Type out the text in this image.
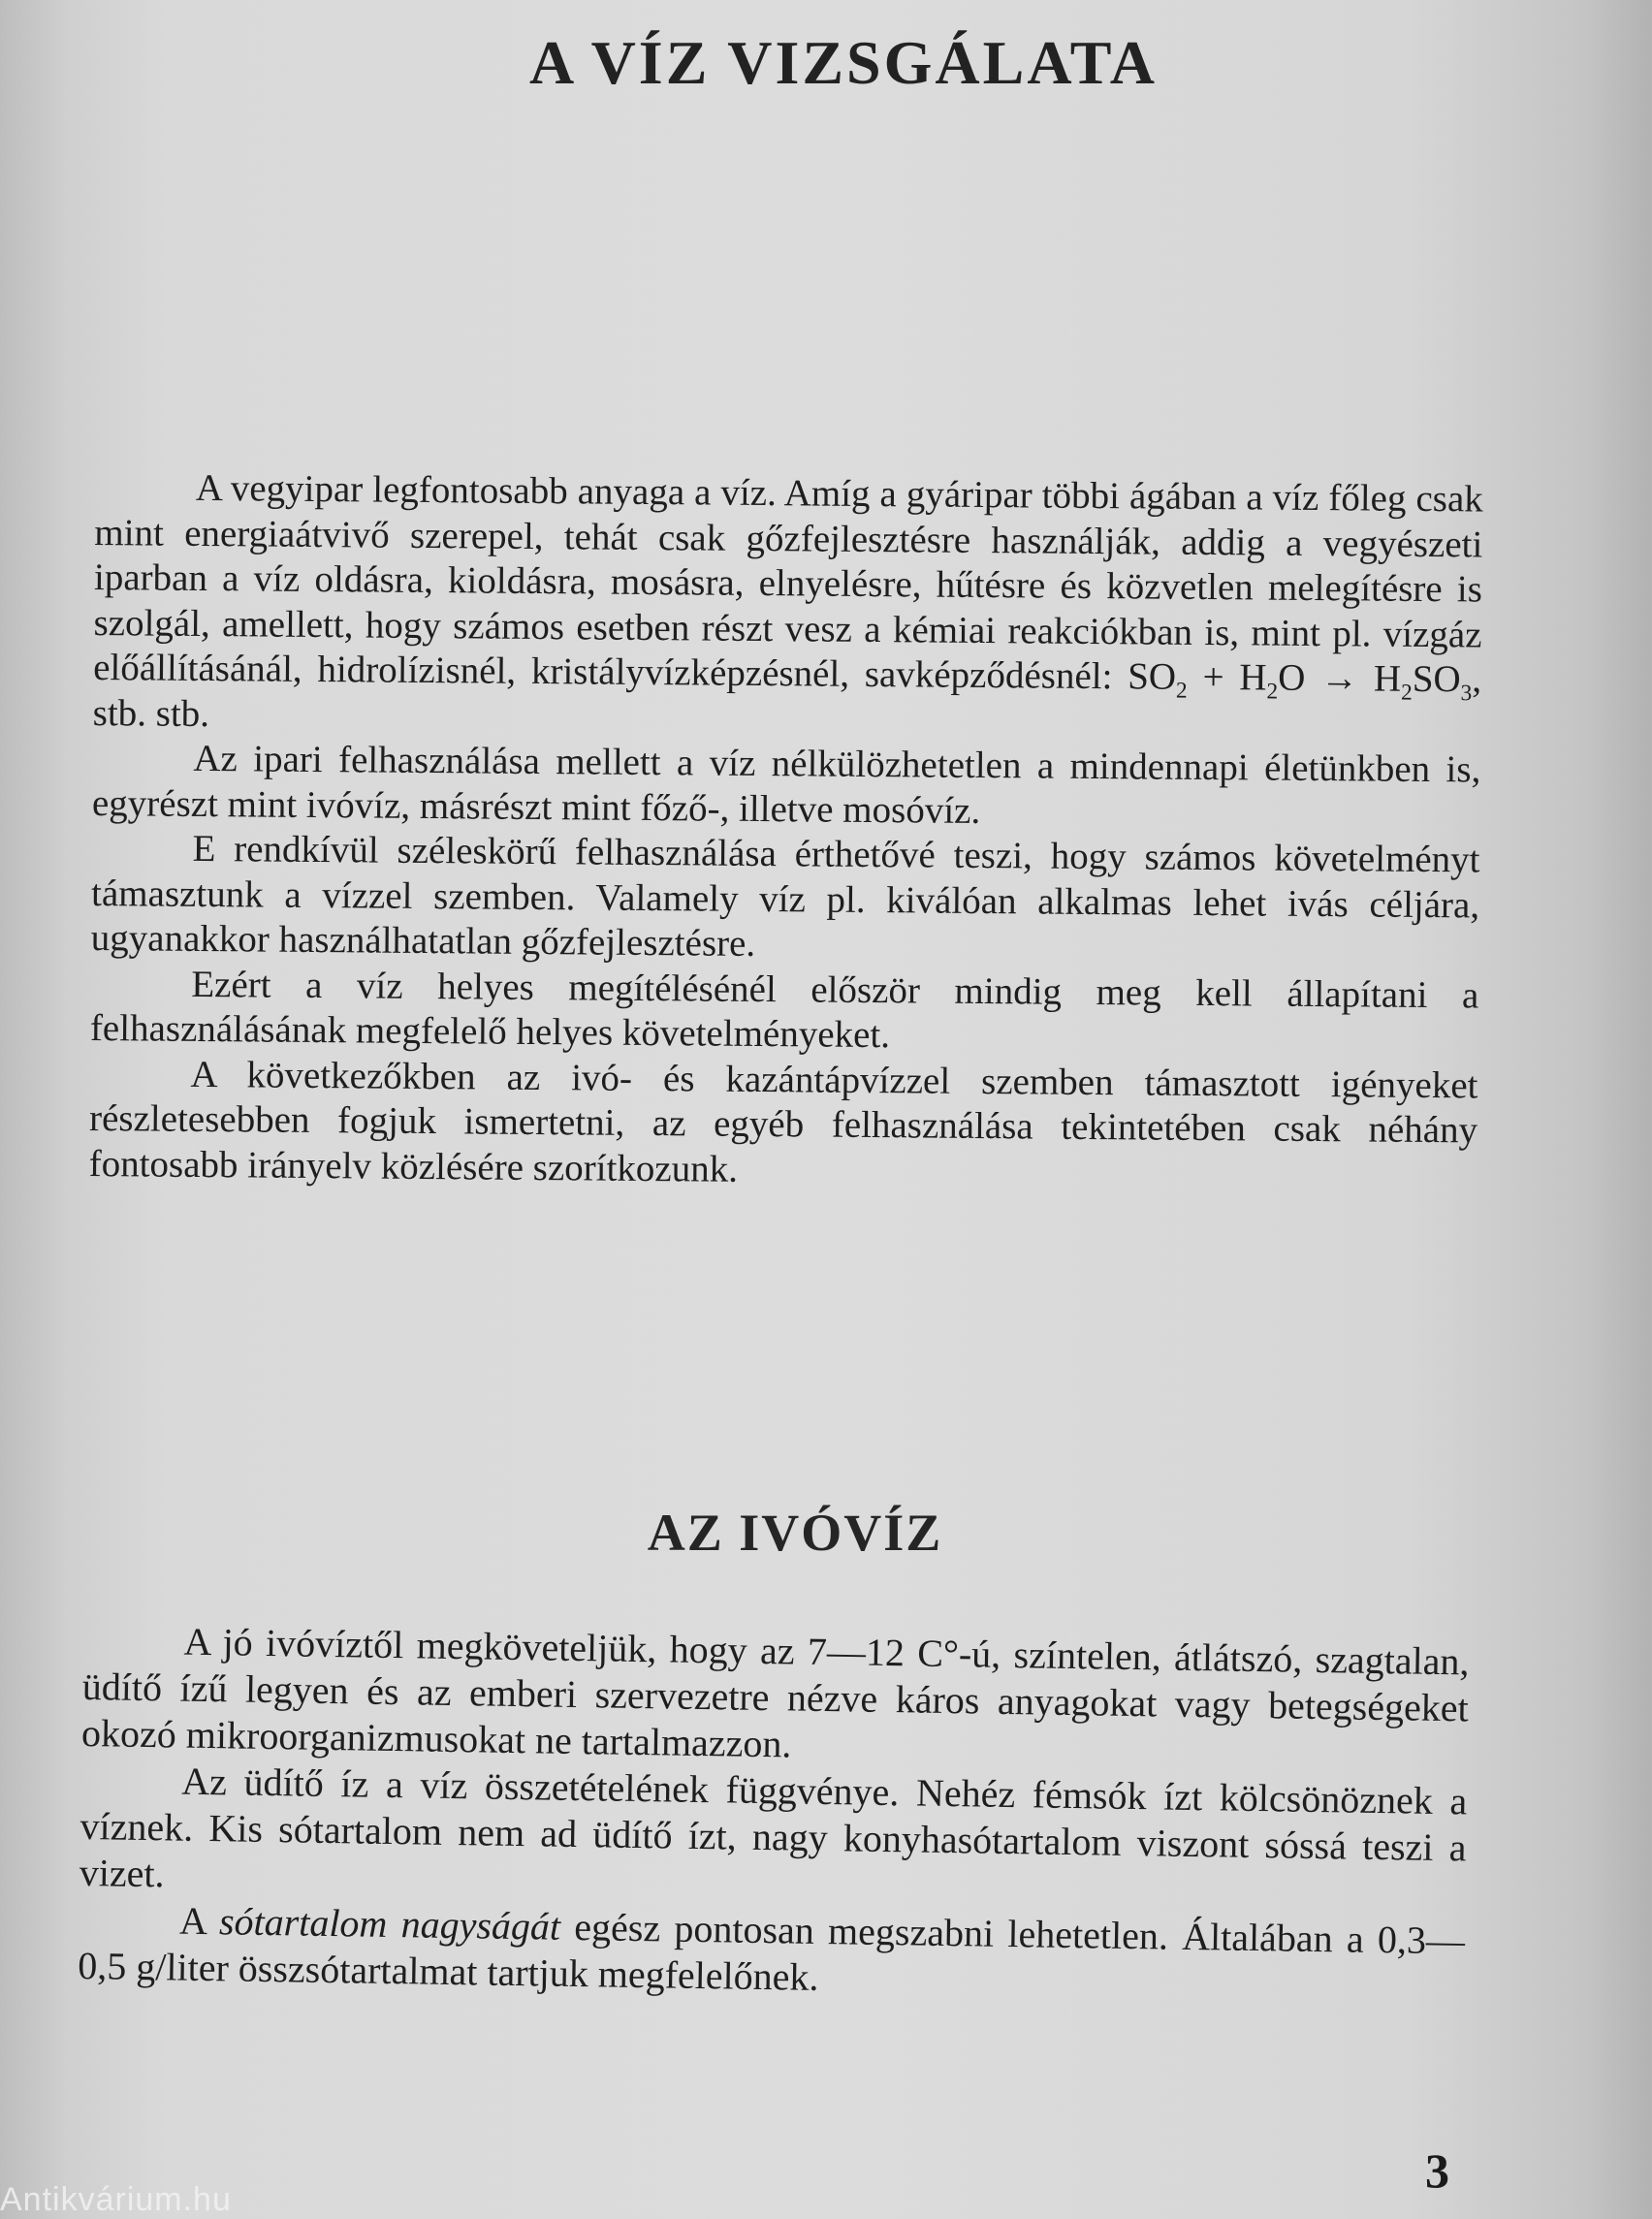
A VÍZ VIZSGÁLATA

A vegyipar legfontosabb anyaga a víz. Amíg a gyáripar többi ágában a víz főleg csak mint energiaátvivő szerepel, tehát csak gőzfejlesztésre használják, addig a vegyészeti iparban a víz oldásra, kioldásra, mosásra, elnyelésre, hűtésre és közvetlen melegítésre is szolgál, amellett, hogy számos esetben részt vesz a kémiai reakciókban is, mint pl. vízgáz előállításánál, hidrolízisnél, kristályvízképzésnél, savképződésnél: $SO_2 + H_2O \to H_2SO_3$, stb. stb.

Az ipari felhasználása mellett a víz nélkülözhetetlen a mindennapi életünkben is, egyrészt mint ivóvíz, másrészt mint főző-, illetve mosóvíz.

E rendkívül széleskörű felhasználása érthetővé teszi, hogy számos követelményt támasztunk a vízzel szemben. Valamely víz pl. kiválóan alkalmas lehet ivás céljára, ugyanakkor használhatatlan gőzfejlesztésre.

Ezért a víz helyes megítélésénél először mindig meg kell állapítani a felhasználásának megfelelő helyes követelményeket.

A következőkben az ivó- és kazántápvízzel szemben támasztott igényeket részletesebben fogjuk ismertetni, az egyéb felhasználása tekintetében csak néhány fontosabb irányelv közlésére szorítkozunk.

AZ IVÓVÍZ

A jó ivóvíztől megköveteljük, hogy az 7—12 C°-ú, színtelen, átlátszó, szagtalan, üdítő ízű legyen és az emberi szervezetre nézve káros anyagokat vagy betegségeket okozó mikroorganizmusokat ne tartalmazzon.

Az üdítő íz a víz összetételének függvénye. Nehéz fémsók ízt kölcsönöznek a víznek. Kis sótartalom nem ad üdítő ízt, nagy konyhasótartalom viszont sóssá teszi a vizet.

A sótartalom nagyságát egész pontosan megszabni lehetetlen. Általában a 0,3—0,5 g/liter összsótartalmat tartjuk megfelelőnek.

3
Antikvárium.hu
